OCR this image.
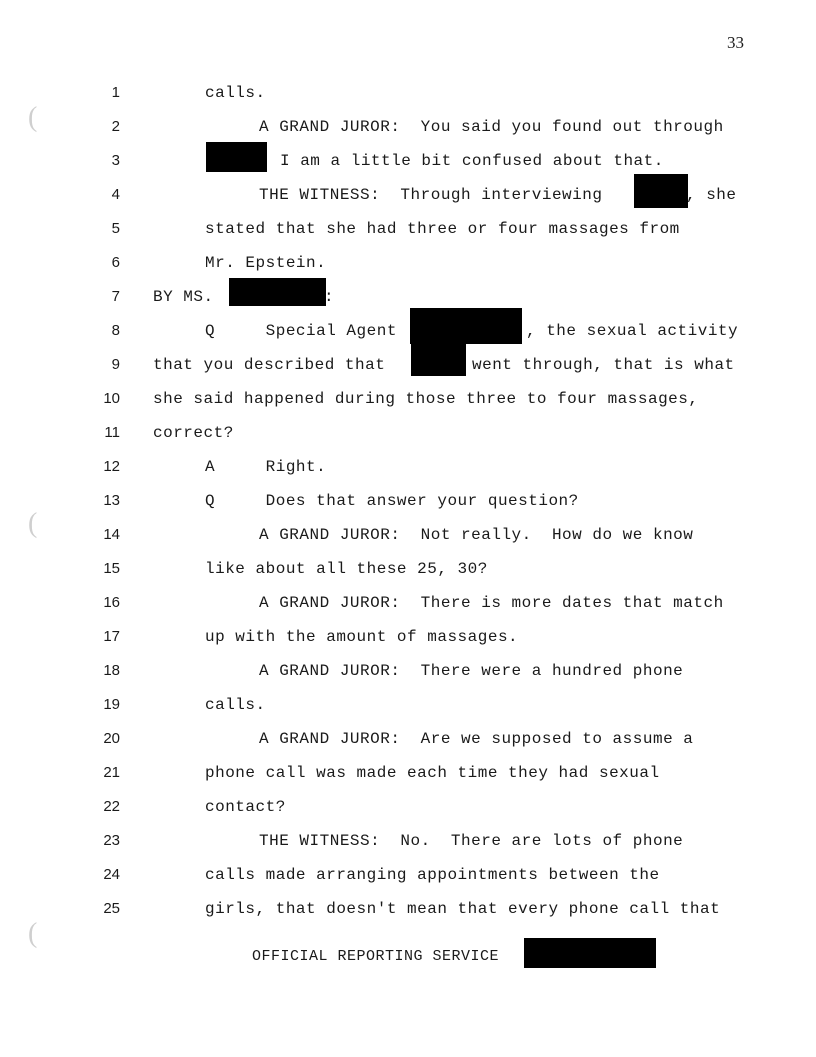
33
(
(
(
1	calls.
2	A GRAND JUROR:  You said you found out through
3	I am a little bit confused about that.
4	THE WITNESS:  Through interviewing	, she
5	stated that she had three or four massages from
6	Mr. Epstein.
7 BY MS.	:
8	Q     Special Agent	, the sexual activity
9 that you described that	went through, that is what
10 she said happened during those three to four massages,
11 correct?
12	A     Right.
13	Q     Does that answer your question?
14	A GRAND JUROR:  Not really.  How do we know
15	like about all these 25, 30?
16	A GRAND JUROR:  There is more dates that match
17	up with the amount of massages.
18	A GRAND JUROR:  There were a hundred phone
19	calls.
20	A GRAND JUROR:  Are we supposed to assume a
21	phone call was made each time they had sexual
22	contact?
23	THE WITNESS:  No.  There are lots of phone
24	calls made arranging appointments between the
25	girls, that doesn't mean that every phone call that
OFFICIAL REPORTING SERVICE
